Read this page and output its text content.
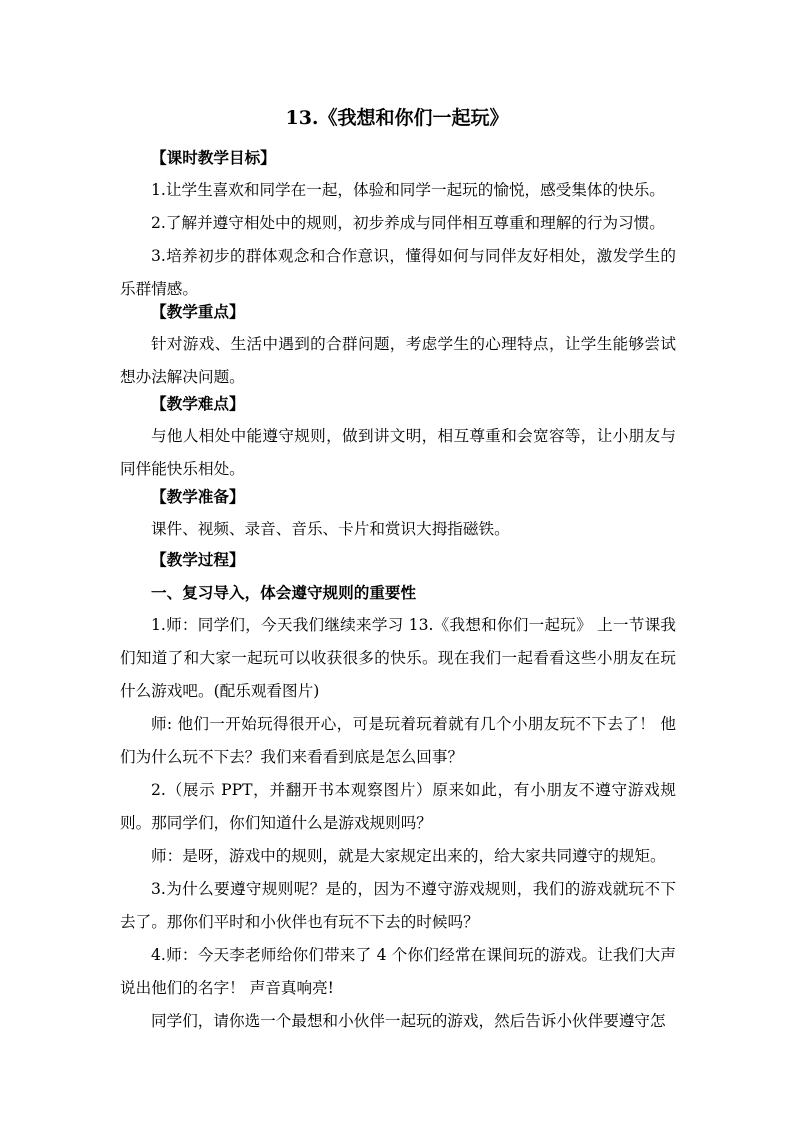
13.《我想和你们一起玩》

【课时教学目标】

1.让学生喜欢和同学在一起，体验和同学一起玩的愉悦，感受集体的快乐。

2.了解并遵守相处中的规则，初步养成与同伴相互尊重和理解的行为习惯。

3.培养初步的群体观念和合作意识，懂得如何与同伴友好相处，激发学生的乐群情感。

【教学重点】

针对游戏、生活中遇到的合群问题，考虑学生的心理特点，让学生能够尝试想办法解决问题。

【教学难点】

与他人相处中能遵守规则，做到讲文明，相互尊重和会宽容等，让小朋友与同伴能快乐相处。

【教学准备】

课件、视频、录音、音乐、卡片和赏识大拇指磁铁。

【教学过程】

一、复习导入，体会遵守规则的重要性

1.师：同学们，今天我们继续来学习 13.《我想和你们一起玩》 上一节课我们知道了和大家一起玩可以收获很多的快乐。现在我们一起看看这些小朋友在玩什么游戏吧。(配乐观看图片)

师: 他们一开始玩得很开心，可是玩着玩着就有几个小朋友玩不下去了！ 他们为什么玩不下去？我们来看看到底是怎么回事？

2.（展示 PPT，并翻开书本观察图片）原来如此，有小朋友不遵守游戏规则。那同学们，你们知道什么是游戏规则吗？

师：是呀，游戏中的规则，就是大家规定出来的，给大家共同遵守的规矩。

3.为什么要遵守规则呢？是的，因为不遵守游戏规则，我们的游戏就玩不下去了。那你们平时和小伙伴也有玩不下去的时候吗？

4.师：今天李老师给你们带来了 4 个你们经常在课间玩的游戏。让我们大声说出他们的名字！ 声音真响亮!

同学们，请你选一个最想和小伙伴一起玩的游戏，然后告诉小伙伴要遵守怎
